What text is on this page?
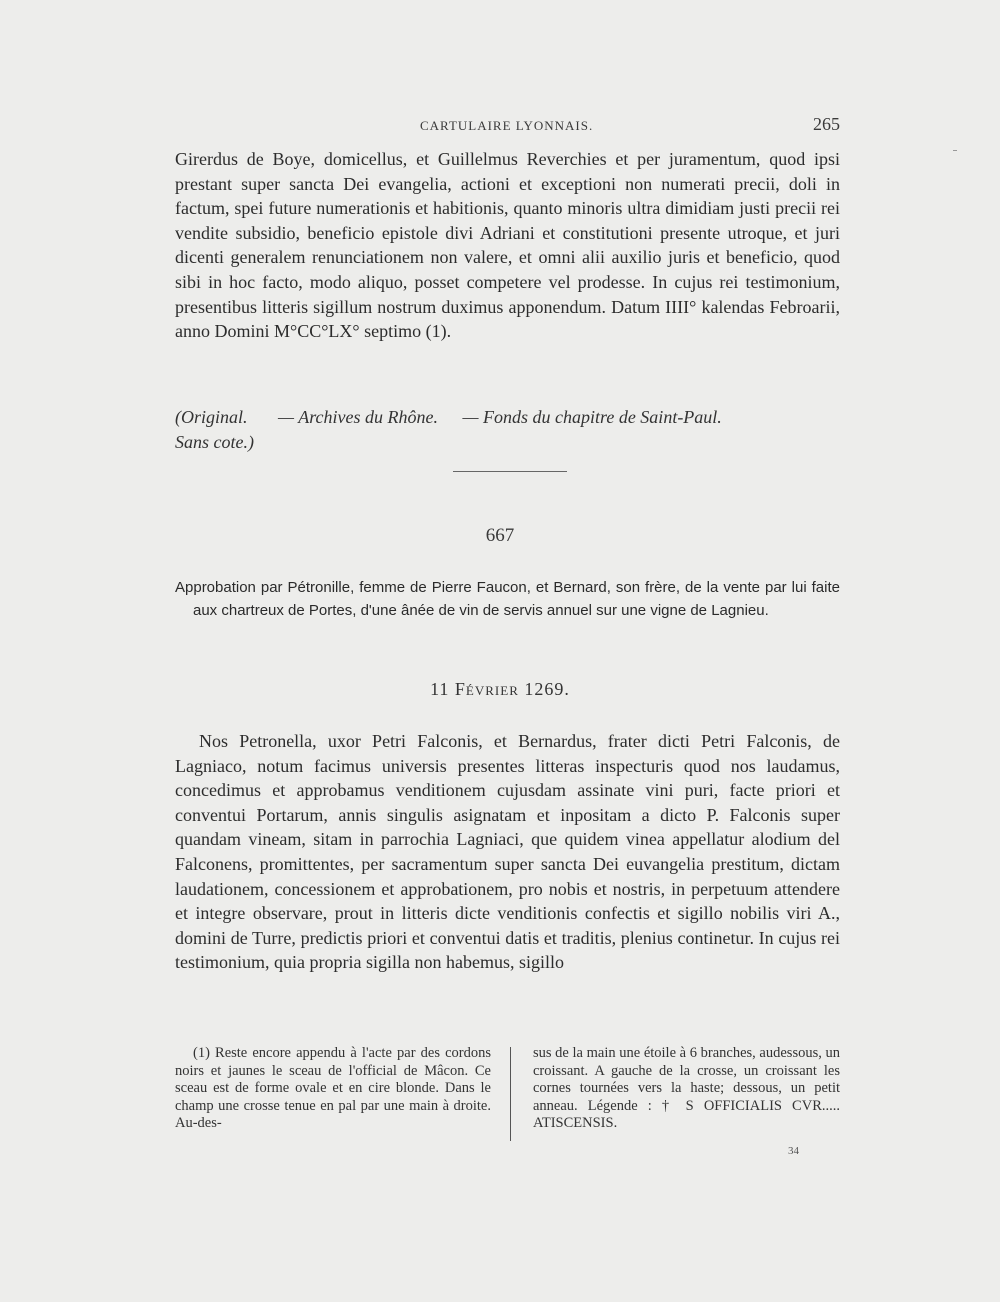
CARTULAIRE LYONNAIS.	265

Girerdus de Boye, domicellus, et Guillelmus Reverchies et per juramentum, quod ipsi prestant super sancta Dei evangelia, actioni et exceptioni non numerati precii, doli in factum, spei future numerationis et habitionis, quanto minoris ultra dimidiam justi precii rei vendite subsidio, beneficio epistole divi Adriani et constitutioni presente utroque, et juri dicenti generalem renunciationem non valere, et omni alii auxilio juris et beneficio, quod sibi in hoc facto, modo aliquo, posset competere vel prodesse. In cujus rei testimonium, presentibus litteris sigillum nostrum duximus apponendum. Datum IIII° kalendas Febroarii, anno Domini M°CC°LX° septimo (1).

(Original. — Archives du Rhône. — Fonds du chapitre de Saint-Paul.
Sans cote.)
667

Approbation par Pétronille, femme de Pierre Faucon, et Bernard, son frère, de la vente par lui faite aux chartreux de Portes, d'une ânée de vin de servis annuel sur une vigne de Lagnieu.

11 Février 1269.

Nos Petronella, uxor Petri Falconis, et Bernardus, frater dicti Petri Falconis, de Lagniaco, notum facimus universis presentes litteras inspecturis quod nos laudamus, concedimus et approbamus venditionem cujusdam assinate vini puri, facte priori et conventui Portarum, annis singulis asignatam et inpositam a dicto P. Falconis super quandam vineam, sitam in parrochia Lagniaci, que quidem vinea appellatur alodium del Falconens, promittentes, per sacramentum super sancta Dei euvangelia prestitum, dictam laudationem, concessionem et approbationem, pro nobis et nostris, in perpetuum attendere et integre observare, prout in litteris dicte venditionis confectis et sigillo nobilis viri A., domini de Turre, predictis priori et conventui datis et traditis, plenius continetur. In cujus rei testimonium, quia propria sigilla non habemus, sigillo

(1) Reste encore appendu à l'acte par des cordons noirs et jaunes le sceau de l'official de Mâcon. Ce sceau est de forme ovale et en cire blonde. Dans le champ une crosse tenue en pal par une main à droite. Au-des-

sus de la main une étoile à 6 branches, audessous, un croissant. A gauche de la crosse, un croissant les cornes tournées vers la haste; dessous, un petit anneau. Légende : † S OFFICIALIS CVR..... ATISCENSIS.

34
